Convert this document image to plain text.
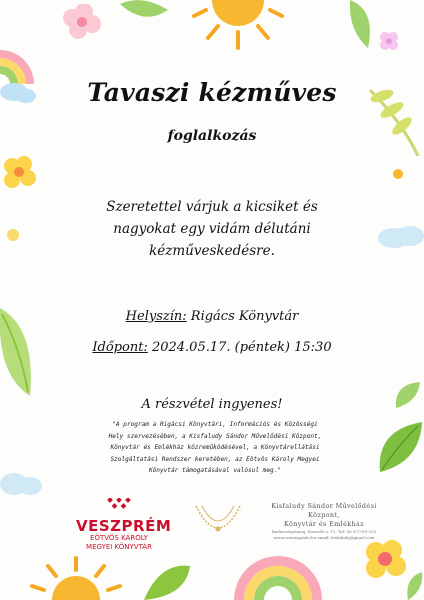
Tavaszi kézműves
foglalkozás
Szeretettel várjuk a kicsiket és
nagyokat egy vidám délutáni
kézműveskedésre.
Helyszín: Rigács Könyvtár
Időpont: 2024.05.17. (péntek) 15:30
A részvétel ingyenes!
"A program a Rigácsi Könyvtári, Információs és Közösségi
Hely szervezésében, a Kisfaludy Sándor Művelődési Központ,
Könyvtár és Emlékház közreműködésével, a Könyvtárellátási
Szolgáltatási Rendszer keretében, az Eötvös Károly Megyei
Könyvtár támogatásával valósul meg."
VESZPRÉM
EÖTVÖS KÁROLY
MEGYEI KÖNYVTÁR
Kisfaludy Sándor Művelődési Központ,
Könyvtár és Emlékház
Badacsonytomaj, Kossuth u. 11. Tel: 06 87/700-293
www.szomegyinfo.hu email: kisfaludy@gmail.com
